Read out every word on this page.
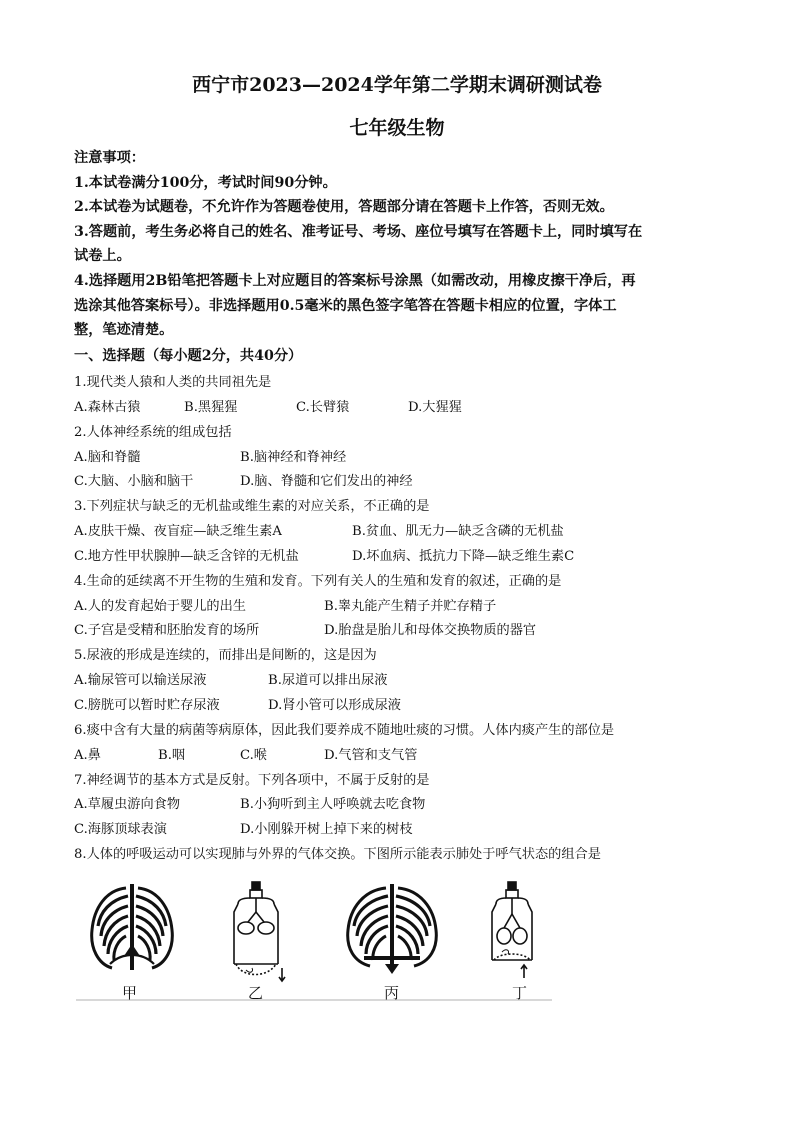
西宁市2023—2024学年第二学期末调研测试卷
七年级生物

注意事项：

1.本试卷满分100分，考试时间90分钟。

2.本试卷为试题卷，不允许作为答题卷使用，答题部分请在答题卡上作答，否则无效。

3.答题前，考生务必将自己的姓名、准考证号、考场、座位号填写在答题卡上，同时填写在

试卷上。

4.选择题用2B铅笔把答题卡上对应题目的答案标号涂黑（如需改动，用橡皮擦干净后，再

选涂其他答案标号）。非选择题用0.5毫米的黑色签字笔答在答题卡相应的位置，字体工

整，笔迹清楚。

一、选择题（每小题2分，共40分）
1.现代类人猿和人类的共同祖先是
A.森林古猿	B.黑猩猩	C.长臂猿	D.大猩猩
2.人体神经系统的组成包括
A.脑和脊髓	B.脑神经和脊神经
C.大脑、小脑和脑干	D.脑、脊髓和它们发出的神经
3.下列症状与缺乏的无机盐或维生素的对应关系，不正确的是
A.皮肤干燥、夜盲症—缺乏维生素A	B.贫血、肌无力—缺乏含磷的无机盐
C.地方性甲状腺肿—缺乏含锌的无机盐	D.坏血病、抵抗力下降—缺乏维生素C
4.生命的延续离不开生物的生殖和发育。下列有关人的生殖和发育的叙述，正确的是
A.人的发育起始于婴儿的出生	B.睾丸能产生精子并贮存精子
C.子宫是受精和胚胎发育的场所	D.胎盘是胎儿和母体交换物质的器官
5.尿液的形成是连续的，而排出是间断的，这是因为
A.输尿管可以输送尿液	B.尿道可以排出尿液
C.膀胱可以暂时贮存尿液	D.肾小管可以形成尿液
6.痰中含有大量的病菌等病原体，因此我们要养成不随地吐痰的习惯。人体内痰产生的部位是
A.鼻	B.咽	C.喉	D.气管和支气管
7.神经调节的基本方式是反射。下列各项中，不属于反射的是
A.草履虫游向食物	B.小狗听到主人呼唤就去吃食物
C.海豚顶球表演	D.小刚躲开树上掉下来的树枝
8.人体的呼吸运动可以实现肺与外界的气体交换。下图所示能表示肺处于呼气状态的组合是
甲	乙	丙	丁
